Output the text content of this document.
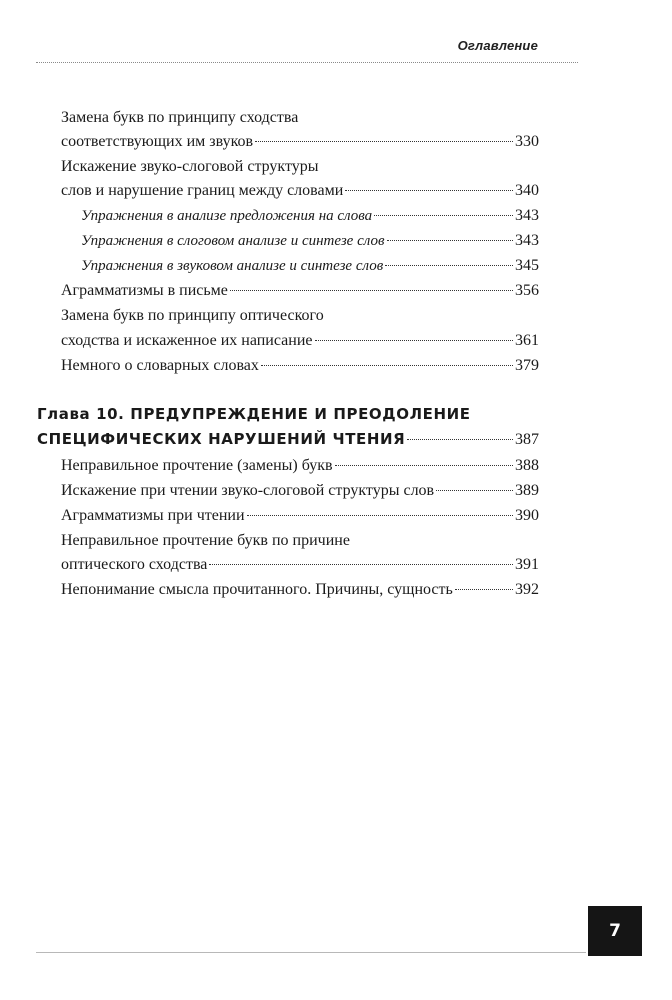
Оглавление
Замена букв по принципу сходства
соответствующих им звуков	330
Искажение звуко-слоговой структуры
слов и нарушение границ между словами	340
Упражнения в анализе предложения на слова	343
Упражнения в слоговом анализе и синтезе слов	343
Упражнения в звуковом анализе и синтезе слов	345
Аграмматизмы в письме	356
Замена букв по принципу оптического
сходства и искаженное их написание	361
Немного о словарных словах	379
Глава 10. ПРЕДУПРЕЖДЕНИЕ И ПРЕОДОЛЕНИЕ
СПЕЦИФИЧЕСКИХ НАРУШЕНИЙ ЧТЕНИЯ	387
Неправильное прочтение (замены) букв	388
Искажение при чтении звуко-слоговой структуры слов	389
Аграмматизмы при чтении	390
Неправильное прочтение букв по причине
оптического сходства	391
Непонимание смысла прочитанного. Причины, сущность	392
7
